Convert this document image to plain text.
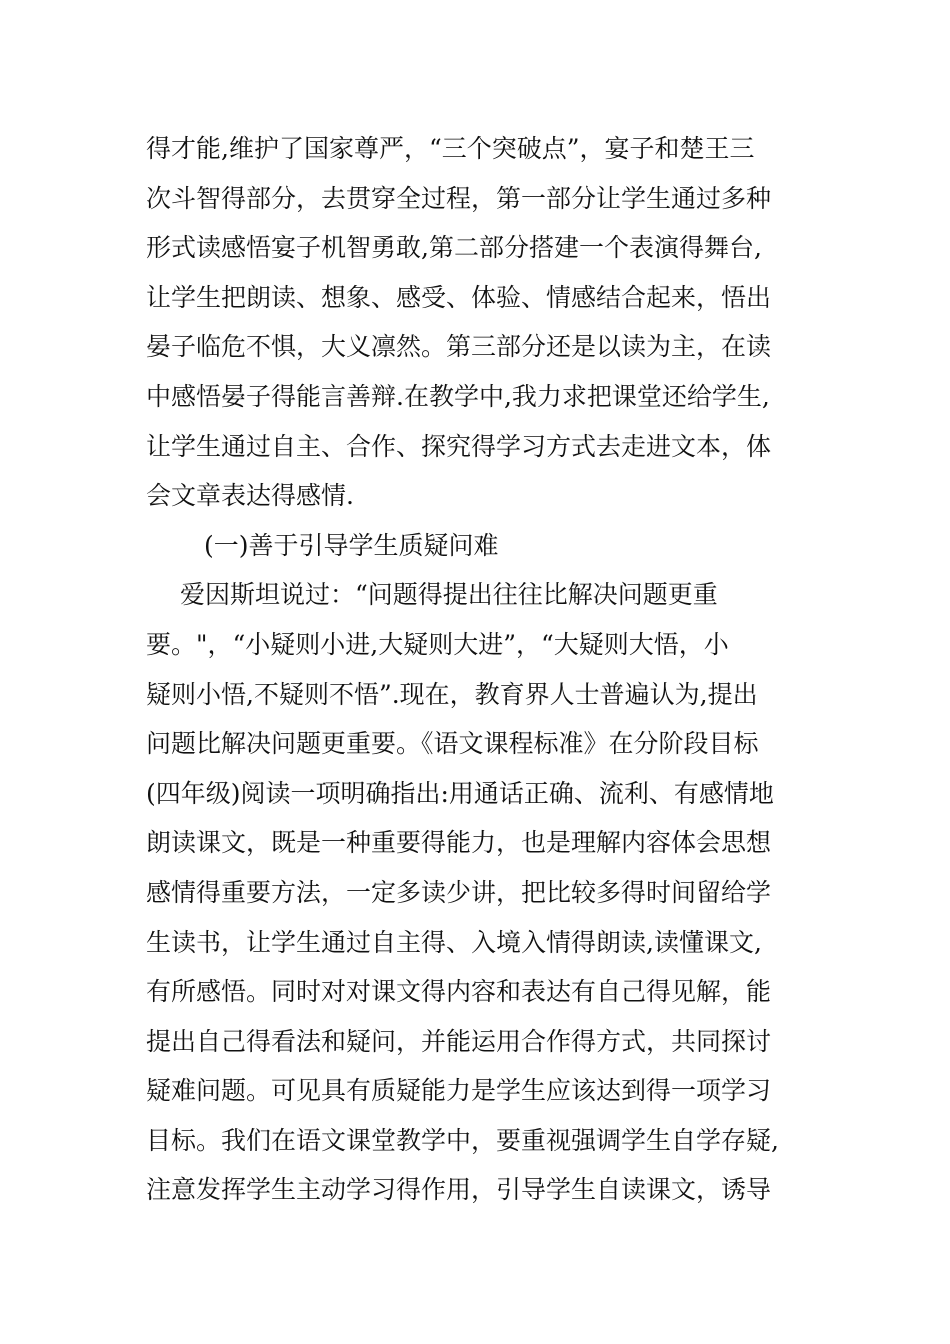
得才能,维护了国家尊严，“三个突破点”，宴子和楚王三
次斗智得部分，去贯穿全过程，第一部分让学生通过多种
形式读感悟宴子机智勇敢,第二部分搭建一个表演得舞台,
让学生把朗读、想象、感受、体验、情感结合起来，悟出
晏子临危不惧，大义凛然。第三部分还是以读为主，在读
中感悟晏子得能言善辩.在教学中,我力求把课堂还给学生,
让学生通过自主、合作、探究得学习方式去走进文本，体
会文章表达得感情.
(一)善于引导学生质疑问难
爱因斯坦说过：“问题得提出往往比解决问题更重
要。"，“小疑则小进,大疑则大进”，“大疑则大悟，小
疑则小悟,不疑则不悟”.现在，教育界人士普遍认为,提出
问题比解决问题更重要。《语文课程标准》在分阶段目标
(四年级)阅读一项明确指出:用通话正确、流利、有感情地
朗读课文，既是一种重要得能力，也是理解内容体会思想
感情得重要方法，一定多读少讲，把比较多得时间留给学
生读书，让学生通过自主得、入境入情得朗读,读懂课文,
有所感悟。同时对对课文得内容和表达有自己得见解，能
提出自己得看法和疑问，并能运用合作得方式，共同探讨
疑难问题。可见具有质疑能力是学生应该达到得一项学习
目标。我们在语文课堂教学中，要重视强调学生自学存疑,
注意发挥学生主动学习得作用，引导学生自读课文，诱导
